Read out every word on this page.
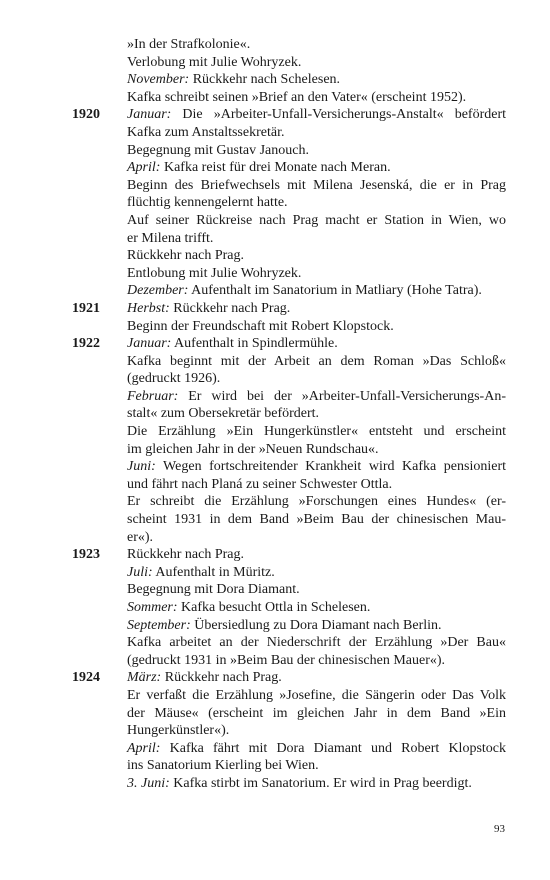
»In der Strafkolonie«.
Verlobung mit Julie Wohryzek.
November: Rückkehr nach Schelesen.
Kafka schreibt seinen »Brief an den Vater« (erscheint 1952).
1920	Januar: Die »Arbeiter-Unfall-Versicherungs-Anstalt« befördert
Kafka zum Anstaltssekretär.
Begegnung mit Gustav Janouch.
April: Kafka reist für drei Monate nach Meran.
Beginn des Briefwechsels mit Milena Jesenská, die er in Prag
flüchtig kennengelernt hatte.
Auf seiner Rückreise nach Prag macht er Station in Wien, wo
er Milena trifft.
Rückkehr nach Prag.
Entlobung mit Julie Wohryzek.
Dezember: Aufenthalt im Sanatorium in Matliary (Hohe Tatra).
1921	Herbst: Rückkehr nach Prag.
Beginn der Freundschaft mit Robert Klopstock.
1922	Januar: Aufenthalt in Spindlermühle.
Kafka beginnt mit der Arbeit an dem Roman »Das Schloß«
(gedruckt 1926).
Februar: Er wird bei der »Arbeiter-Unfall-Versicherungs-An-
stalt« zum Obersekretär befördert.
Die Erzählung »Ein Hungerkünstler« entsteht und erscheint
im gleichen Jahr in der »Neuen Rundschau«.
Juni: Wegen fortschreitender Krankheit wird Kafka pensioniert
und fährt nach Planá zu seiner Schwester Ottla.
Er schreibt die Erzählung »Forschungen eines Hundes« (er-
scheint 1931 in dem Band »Beim Bau der chinesischen Mau-
er«).
1923	Rückkehr nach Prag.
Juli: Aufenthalt in Müritz.
Begegnung mit Dora Diamant.
Sommer: Kafka besucht Ottla in Schelesen.
September: Übersiedlung zu Dora Diamant nach Berlin.
Kafka arbeitet an der Niederschrift der Erzählung »Der Bau«
(gedruckt 1931 in »Beim Bau der chinesischen Mauer«).
1924	März: Rückkehr nach Prag.
Er verfaßt die Erzählung »Josefine, die Sängerin oder Das Volk
der Mäuse« (erscheint im gleichen Jahr in dem Band »Ein
Hungerkünstler«).
April: Kafka fährt mit Dora Diamant und Robert Klopstock
ins Sanatorium Kierling bei Wien.
3. Juni: Kafka stirbt im Sanatorium. Er wird in Prag beerdigt.
93
